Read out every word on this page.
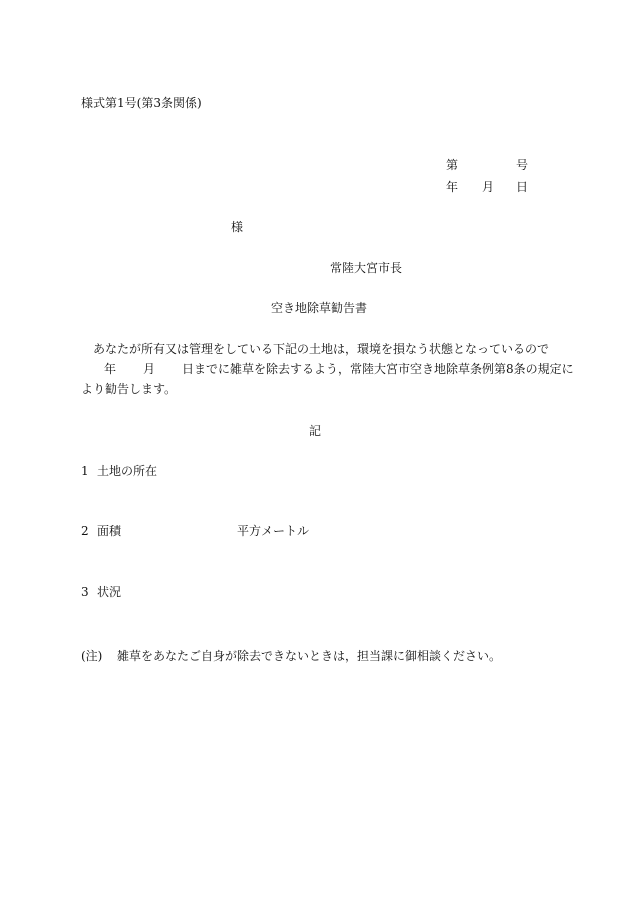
様式第1号(第3条関係)
第	号
年 月 日
様
常陸大宮市長
空き地除草勧告書
あなたが所有又は管理をしている下記の土地は，環境を損なう状態となっているので
年 月 日までに雑草を除去するよう，常陸大宮市空き地除草条例第8条の規定に
より勧告します。
記
1 土地の所在
2 面積	平方メートル
3 状況
(注) 雑草をあなたご自身が除去できないときは，担当課に御相談ください。
